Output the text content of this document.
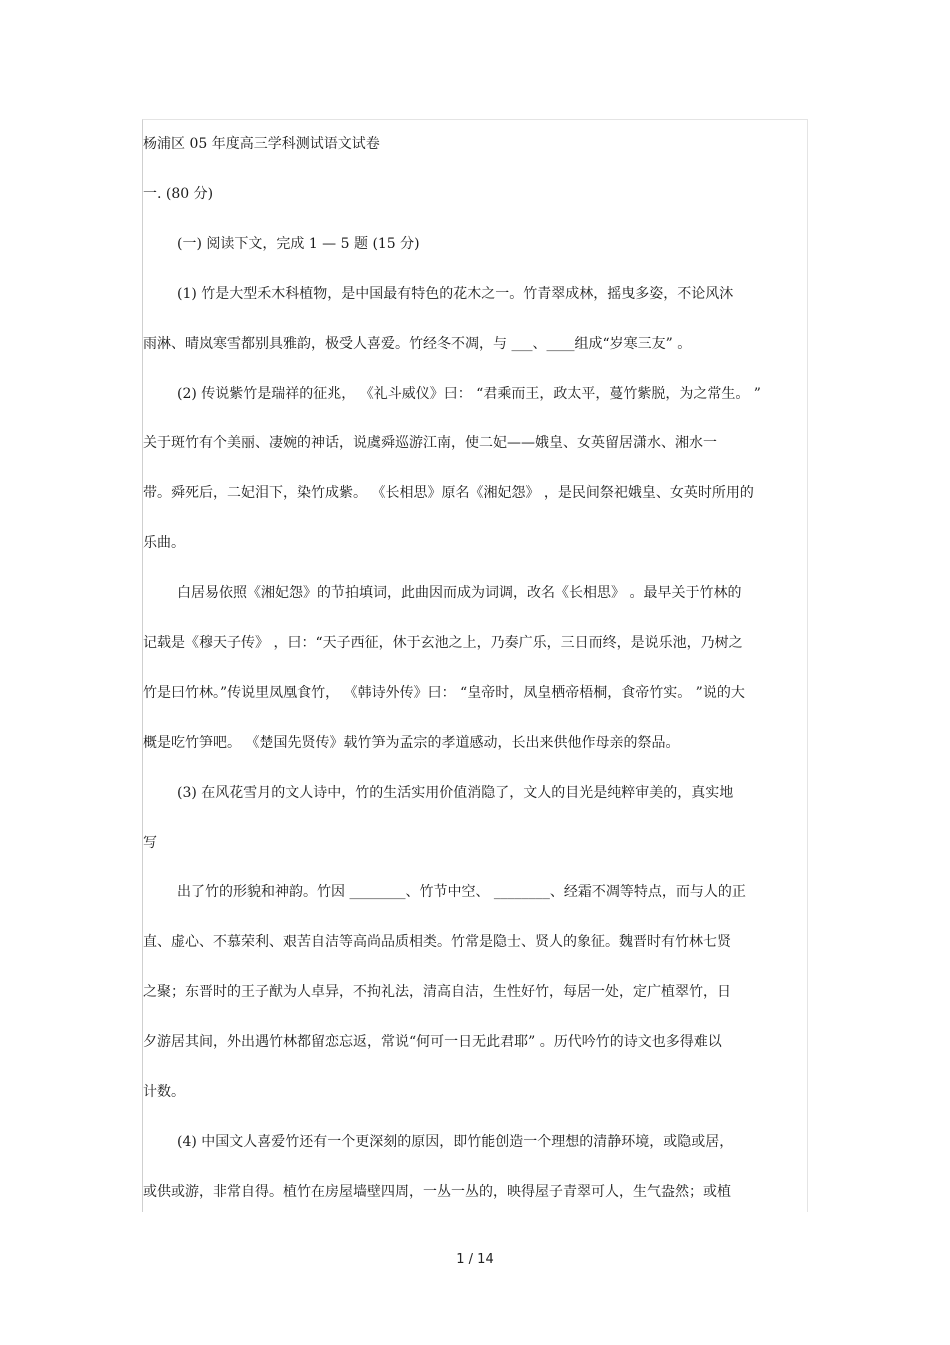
杨浦区 05 年度高三学科测试语文试卷
一. (80 分)
(一) 阅读下文，完成 1 — 5 题 (15 分)
(1) 竹是大型禾木科植物，是中国最有特色的花木之一。竹青翠成林，摇曳多姿，不论风沐
雨淋、晴岚寒雪都别具雅韵，极受人喜爱。竹经冬不凋，与 ___、____组成“岁寒三友” 。
(2) 传说紫竹是瑞祥的征兆， 《礼斗威仪》曰： “君乘而王，政太平，蔓竹紫脱，为之常生。 ”
关于斑竹有个美丽、凄婉的神话，说虞舜巡游江南，使二妃——娥皇、女英留居潇水、湘水一
带。舜死后，二妃泪下，染竹成紫。 《长相思》原名《湘妃怨》 ，是民间祭祀娥皇、女英时所用的
乐曲。
白居易依照《湘妃怨》的节拍填词，此曲因而成为词调，改名《长相思》 。最早关于竹林的
记载是《穆天子传》 ，曰：“天子西征，休于玄池之上，乃奏广乐，三日而终，是说乐池，乃树之
竹是曰竹林。”传说里凤凰食竹， 《韩诗外传》曰： “皇帝时，凤皇栖帝梧桐，食帝竹实。 ”说的大
概是吃竹笋吧。 《楚国先贤传》载竹笋为孟宗的孝道感动，长出来供他作母亲的祭品。
(3) 在风花雪月的文人诗中，竹的生活实用价值消隐了，文人的目光是纯粹审美的，真实地
写
出了竹的形貌和神韵。竹因 ________、竹节中空、 ________、经霜不凋等特点，而与人的正
直、虚心、不慕荣利、艰苦自洁等高尚品质相类。竹常是隐士、贤人的象征。魏晋时有竹林七贤
之聚；东晋时的王子猷为人卓异，不拘礼法，清高自洁，生性好竹，每居一处，定广植翠竹，日
夕游居其间，外出遇竹林都留恋忘返，常说“何可一日无此君耶” 。历代吟竹的诗文也多得难以
计数。
(4) 中国文人喜爱竹还有一个更深刻的原因，即竹能创造一个理想的清静环境，或隐或居，
或供或游，非常自得。植竹在房屋墙壁四周，一丛一丛的，映得屋子青翠可人，生气盎然；或植
1 / 14
